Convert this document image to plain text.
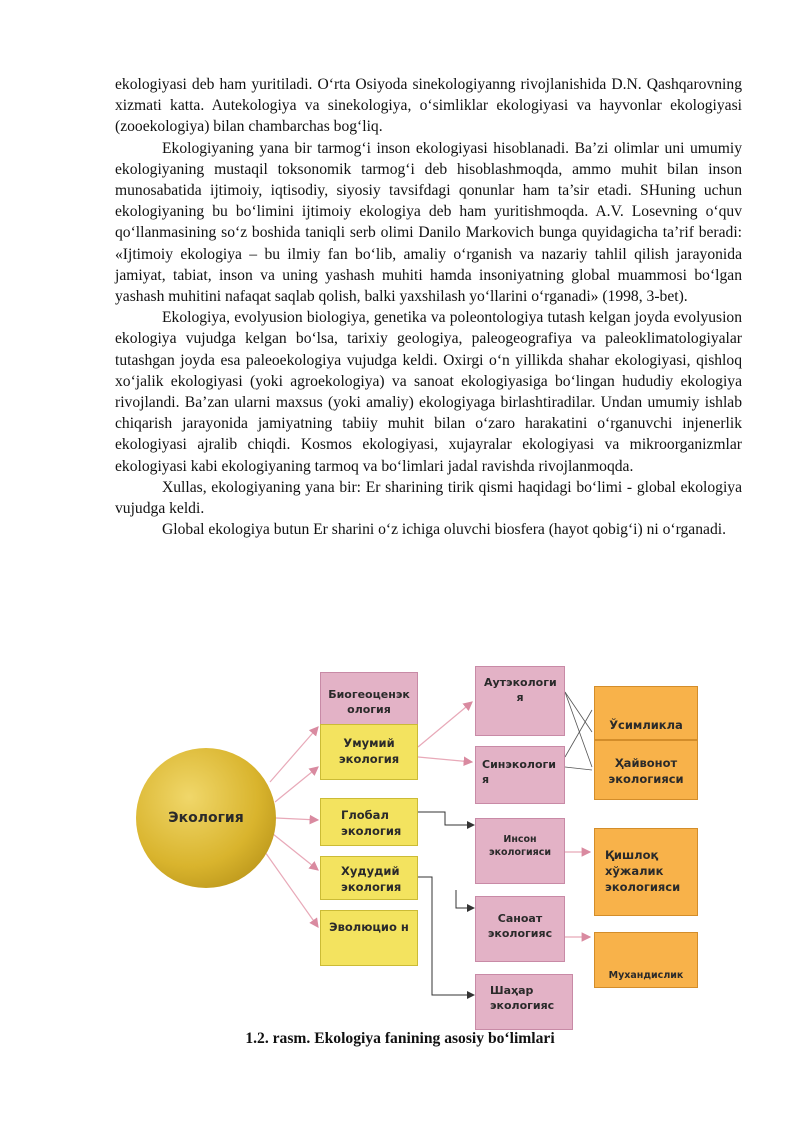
ekologiyasi deb ham yuritiladi. O‘rta Osiyoda sinekologiyanng rivojlanishida D.N. Qashqarovning xizmati katta. Autekologiya va sinekologiya, o‘simliklar ekologiyasi va hayvonlar ekologiyasi (zooekologiya) bilan chambarchas bog‘liq.

Ekologiyaning yana bir tarmog‘i inson ekologiyasi hisoblanadi. Ba’zi olimlar uni umumiy ekologiyaning mustaqil toksonomik tarmog‘i deb hisoblashmoqda, ammo muhit bilan inson munosabatida ijtimoiy, iqtisodiy, siyosiy tavsifdagi qonunlar ham ta’sir etadi. SHuning uchun ekologiyaning bu bo‘limini ijtimoiy ekologiya deb ham yuritishmoqda. A.V. Losevning o‘quv qo‘llanmasining so‘z boshida taniqli serb olimi Danilo Markovich bunga quyidagicha ta’rif beradi: «Ijtimoiy ekologiya – bu ilmiy fan bo‘lib, amaliy o‘rganish va nazariy tahlil qilish jarayonida jamiyat, tabiat, inson va uning yashash muhiti hamda insoniyatning global muammosi bo‘lgan yashash muhitini nafaqat saqlab qolish, balki yaxshilash yo‘llarini o‘rganadi» (1998, 3-bet).

Ekologiya, evolyusion biologiya, genetika va poleontologiya tutash kelgan joyda evolyusion ekologiya vujudga kelgan bo‘lsa, tarixiy geologiya, paleogeografiya va paleoklimatologiyalar tutashgan joyda esa paleoekologiya vujudga keldi. Oxirgi o‘n yillikda shahar ekologiyasi, qishloq xo‘jalik ekologiyasi (yoki agroekologiya) va sanoat ekologiyasiga bo‘lingan hududiy ekologiya rivojlandi. Ba’zan ularni maxsus (yoki amaliy) ekologiyaga birlashtiradilar. Undan umumiy ishlab chiqarish jarayonida jamiyatning tabiiy muhit bilan o‘zaro harakatini o‘rganuvchi injenerlik ekologiyasi ajralib chiqdi. Kosmos ekologiyasi, xujayralar ekologiyasi va mikroorganizmlar ekologiyasi kabi ekologiyaning tarmoq va bo‘limlari jadal ravishda rivojlanmoqda.

Xullas, ekologiyaning yana bir: Er sharining tirik qismi haqidagi bo‘limi - global ekologiya vujudga keldi.

Global ekologiya butun Er sharini o‘z ichiga oluvchi biosfera (hayot qobig‘i) ni o‘rganadi.

Экология
Биогеоценэк ология
Умумий экология
Глобал экология
Худудий экология
Эволюцио н
Аутэкологи я
Синэкологи я
Инсон экологияси
Саноат экологияс
Шаҳар экологияс
Ўсимликла
Ҳайвонот экологияси
Қишлоқ хўжалик экологияси
Мухандислик
1.2. rasm. Ekologiya fanining asosiy bo‘limlari
